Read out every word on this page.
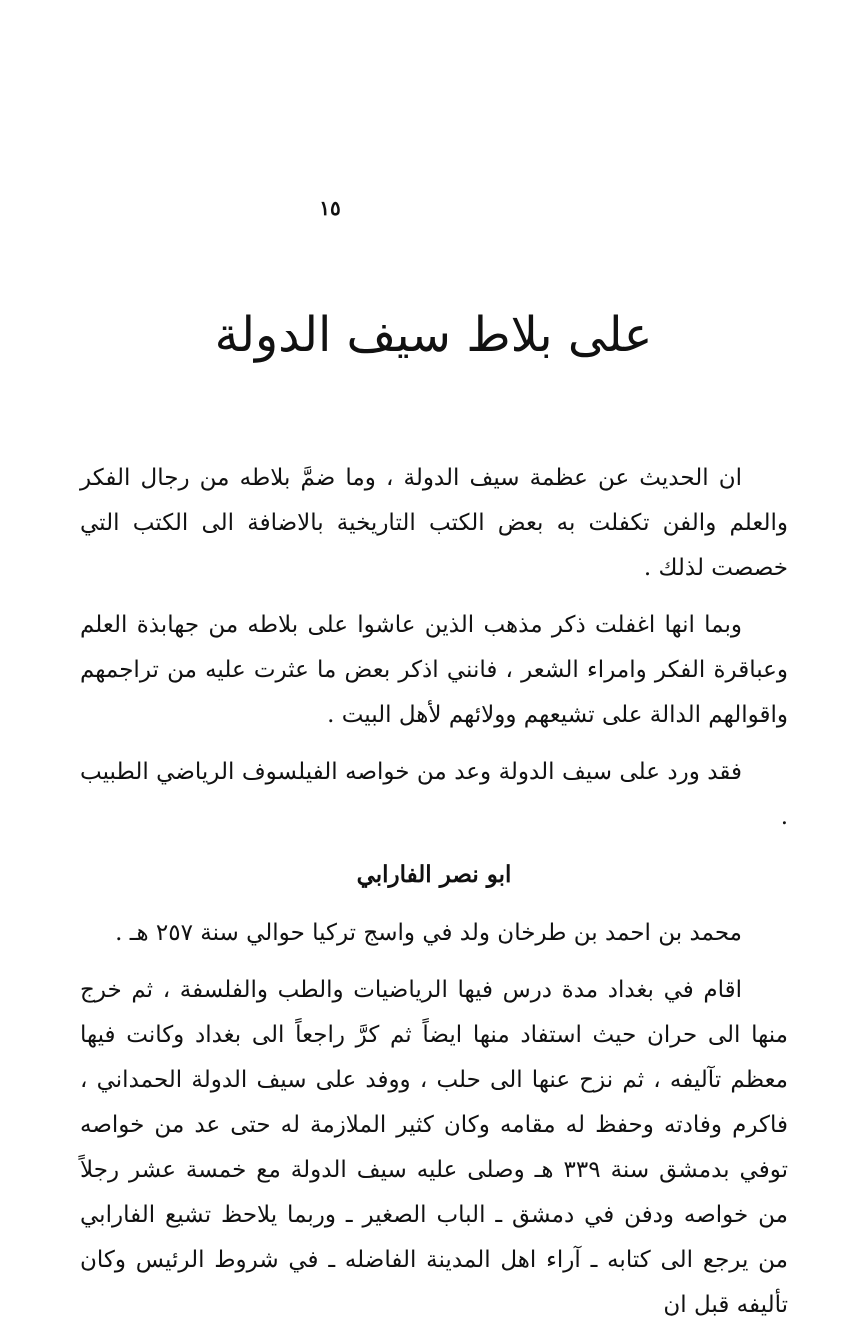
١٥
على بلاط سيف الدولة

ان الحديث عن عظمة سيف الدولة ، وما ضمَّ بلاطه من رجال الفكر والعلم والفن تكفلت به بعض الكتب التاريخية بالاضافة الى الكتب التي خصصت لذلك .

وبما انها اغفلت ذكر مذهب الذين عاشوا على بلاطه من جهابذة العلم وعباقرة الفكر وامراء الشعر ، فانني اذكر بعض ما عثرت عليه من تراجمهم واقوالهم الدالة على تشيعهم وولائهم لأهل البيت .

فقد ورد على سيف الدولة وعد من خواصه الفيلسوف الرياضي الطبيب .

ابو نصر الفارابي

محمد بن احمد بن طرخان ولد في واسج تركيا حوالي سنة ٢٥٧ هـ .

اقام في بغداد مدة درس فيها الرياضيات والطب والفلسفة ، ثم خرج منها الى حران حيث استفاد منها ايضاً ثم كرَّ راجعاً الى بغداد وكانت فيها معظم تآليفه ، ثم نزح عنها الى حلب ، ووفد على سيف الدولة الحمداني ، فاكرم وفادته وحفظ له مقامه وكان كثير الملازمة له حتى عد من خواصه توفي بدمشق سنة ٣٣٩ هـ وصلى عليه سيف الدولة مع خمسة عشر رجلاً من خواصه ودفن في دمشق ـ الباب الصغير ـ وربما يلاحظ تشيع الفارابي من يرجع الى كتابه ـ آراء اهل المدينة الفاضله ـ في شروط الرئيس وكان تأليفه قبل ان
